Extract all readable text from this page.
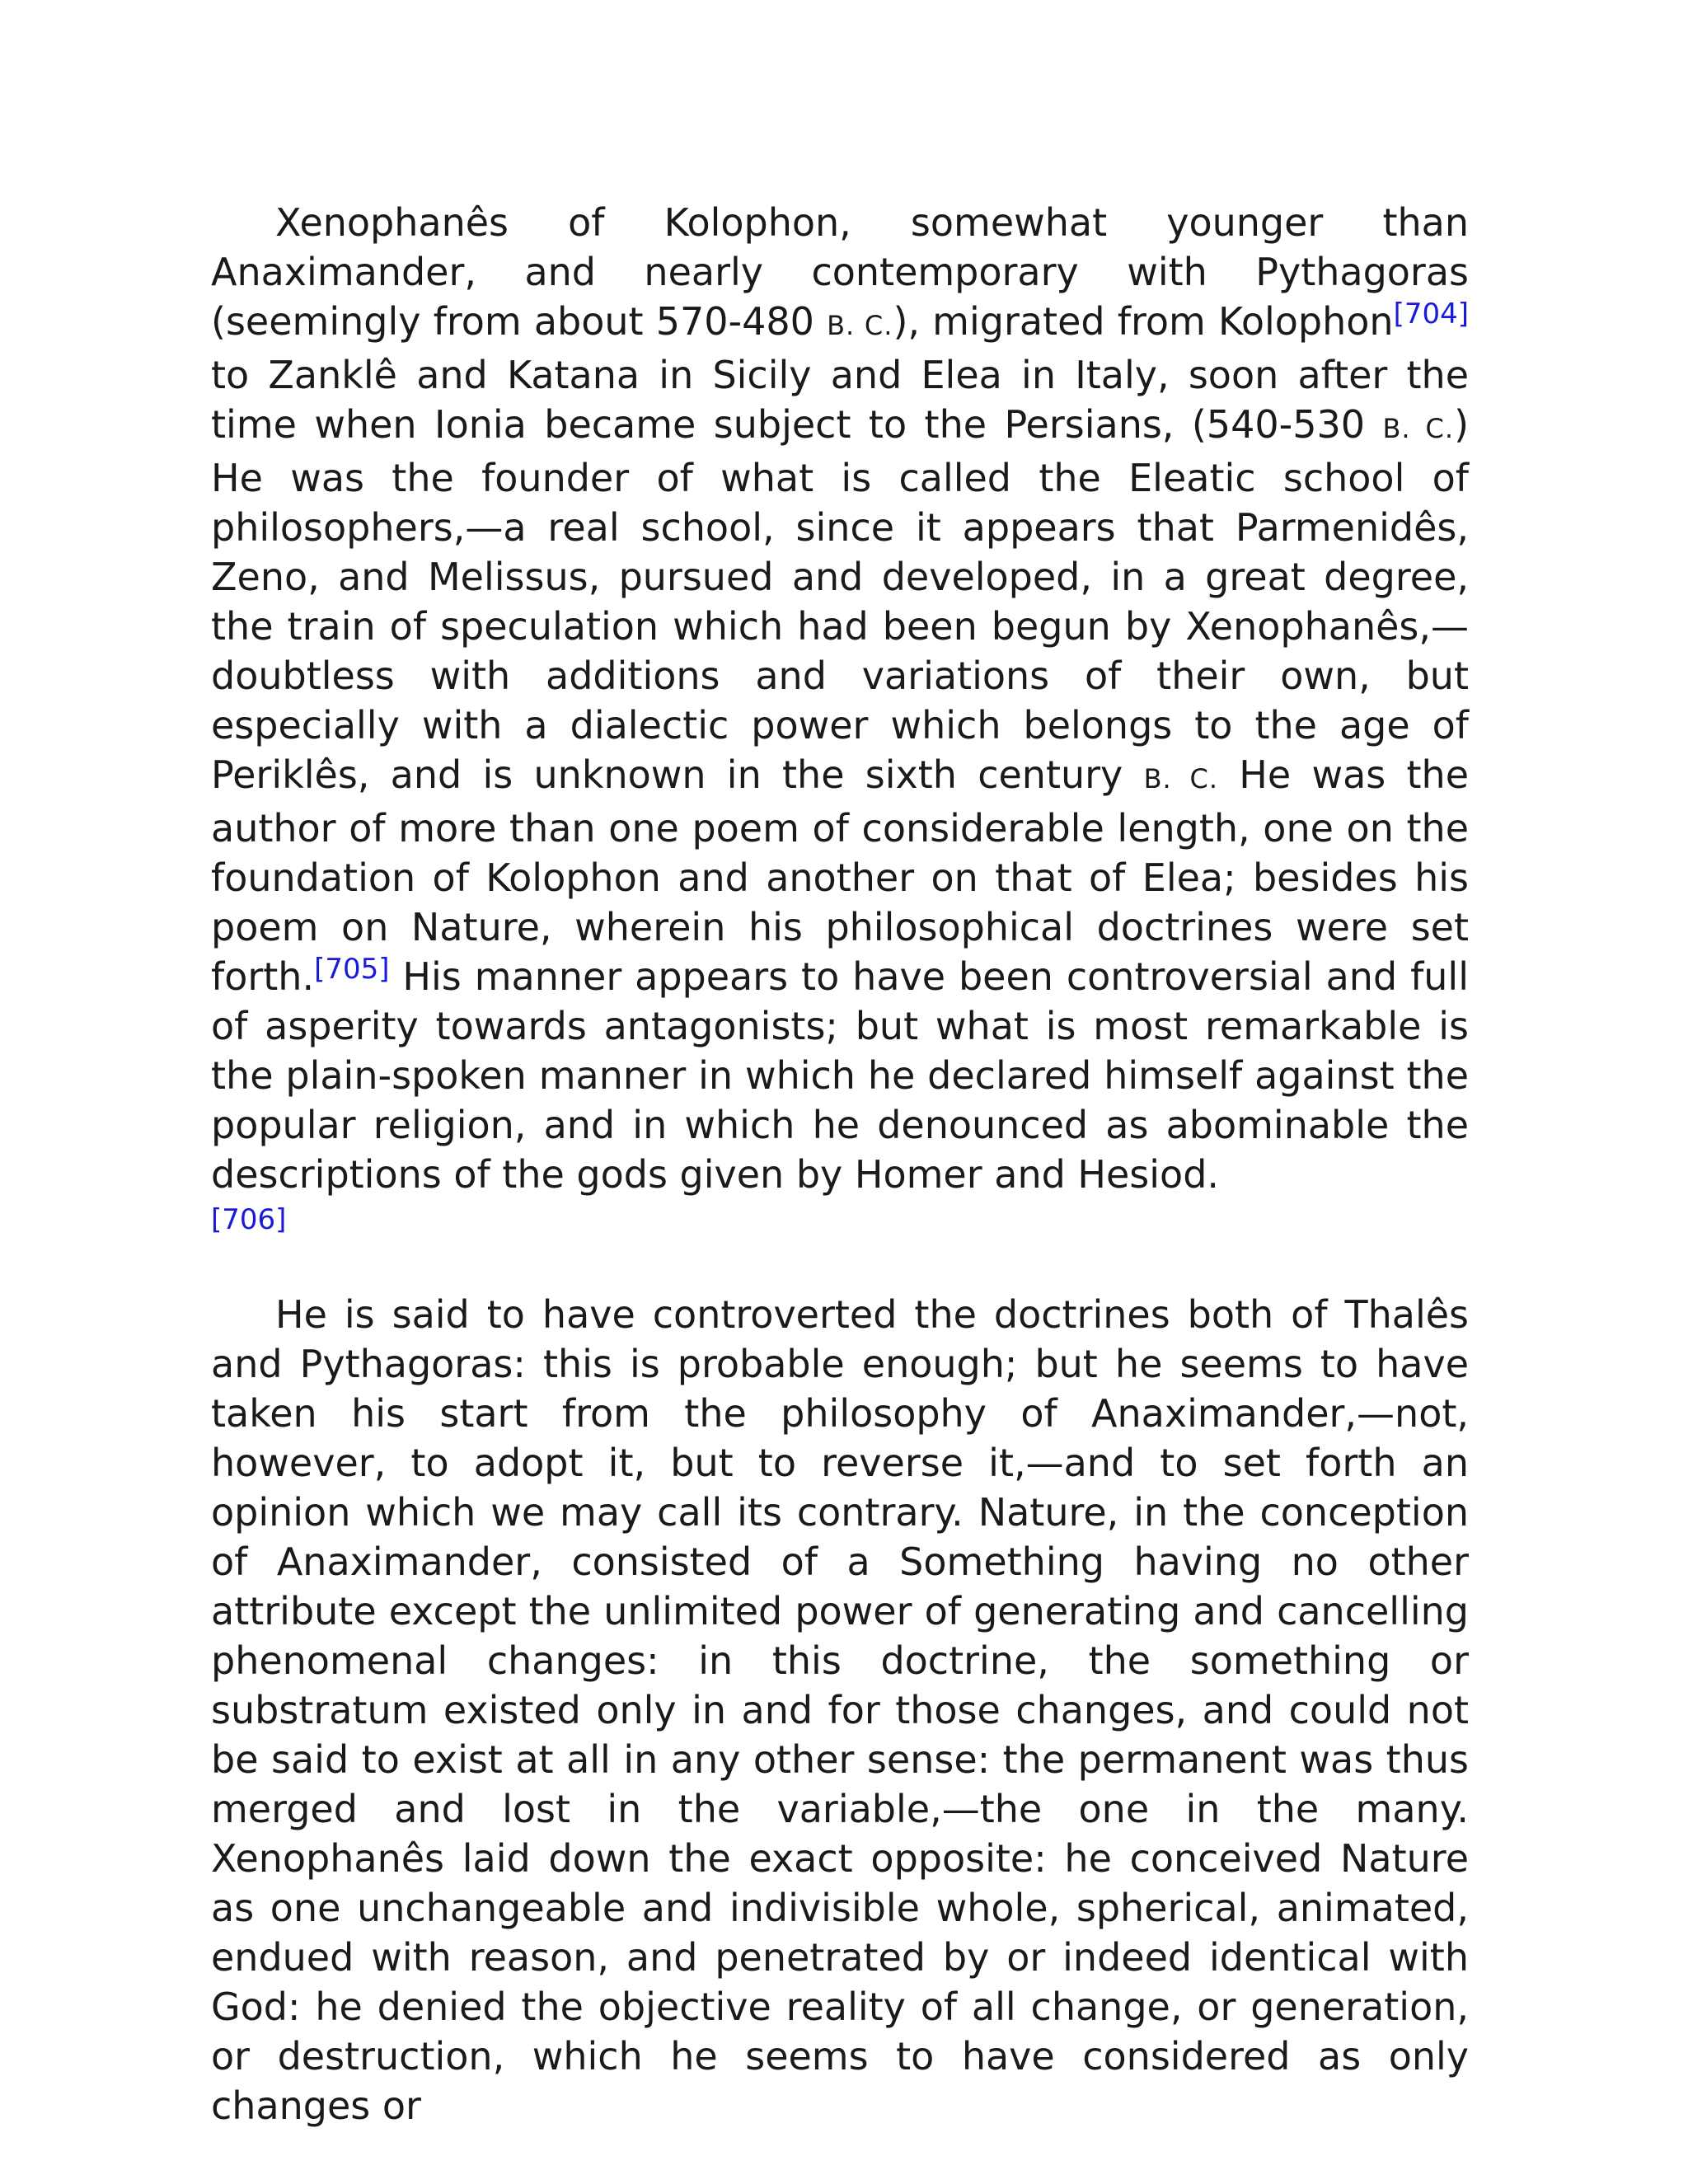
Xenophanês of Kolophon, somewhat younger than Anaximander, and nearly contemporary with Pythagoras (seemingly from about 570-480 B. C.), migrated from Kolophon[704] to Zanklê and Katana in Sicily and Elea in Italy, soon after the time when Ionia became subject to the Persians, (540-530 B. C.) He was the founder of what is called the Eleatic school of philosophers,—a real school, since it appears that Parmenidês, Zeno, and Melissus, pursued and developed, in a great degree, the train of speculation which had been begun by Xenophanês,—doubtless with additions and variations of their own, but especially with a dialectic power which belongs to the age of Periklês, and is unknown in the sixth century B. C. He was the author of more than one poem of considerable length, one on the foundation of Kolophon and another on that of Elea; besides his poem on Nature, wherein his philosophical doctrines were set forth.[705] His manner appears to have been controversial and full of asperity towards antagonists; but what is most remarkable is the plain-spoken manner in which he declared himself against the popular religion, and in which he denounced as abominable the descriptions of the gods given by Homer and Hesiod.
[706]

He is said to have controverted the doctrines both of Thalês and Pythagoras: this is probable enough; but he seems to have taken his start from the philosophy of Anaximander,—not, however, to adopt it, but to reverse it,—and to set forth an opinion which we may call its contrary. Nature, in the conception of Anaximander, consisted of a Something having no other attribute except the unlimited power of generating and cancelling phenomenal changes: in this doctrine, the something or substratum existed only in and for those changes, and could not be said to exist at all in any other sense: the permanent was thus merged and lost in the variable,—the one in the many. Xenophanês laid down the exact opposite: he conceived Nature as one unchangeable and indivisible whole, spherical, animated, endued with reason, and penetrated by or indeed identical with God: he denied the objective reality of all change, or generation, or destruction, which he seems to have considered as only changes or
